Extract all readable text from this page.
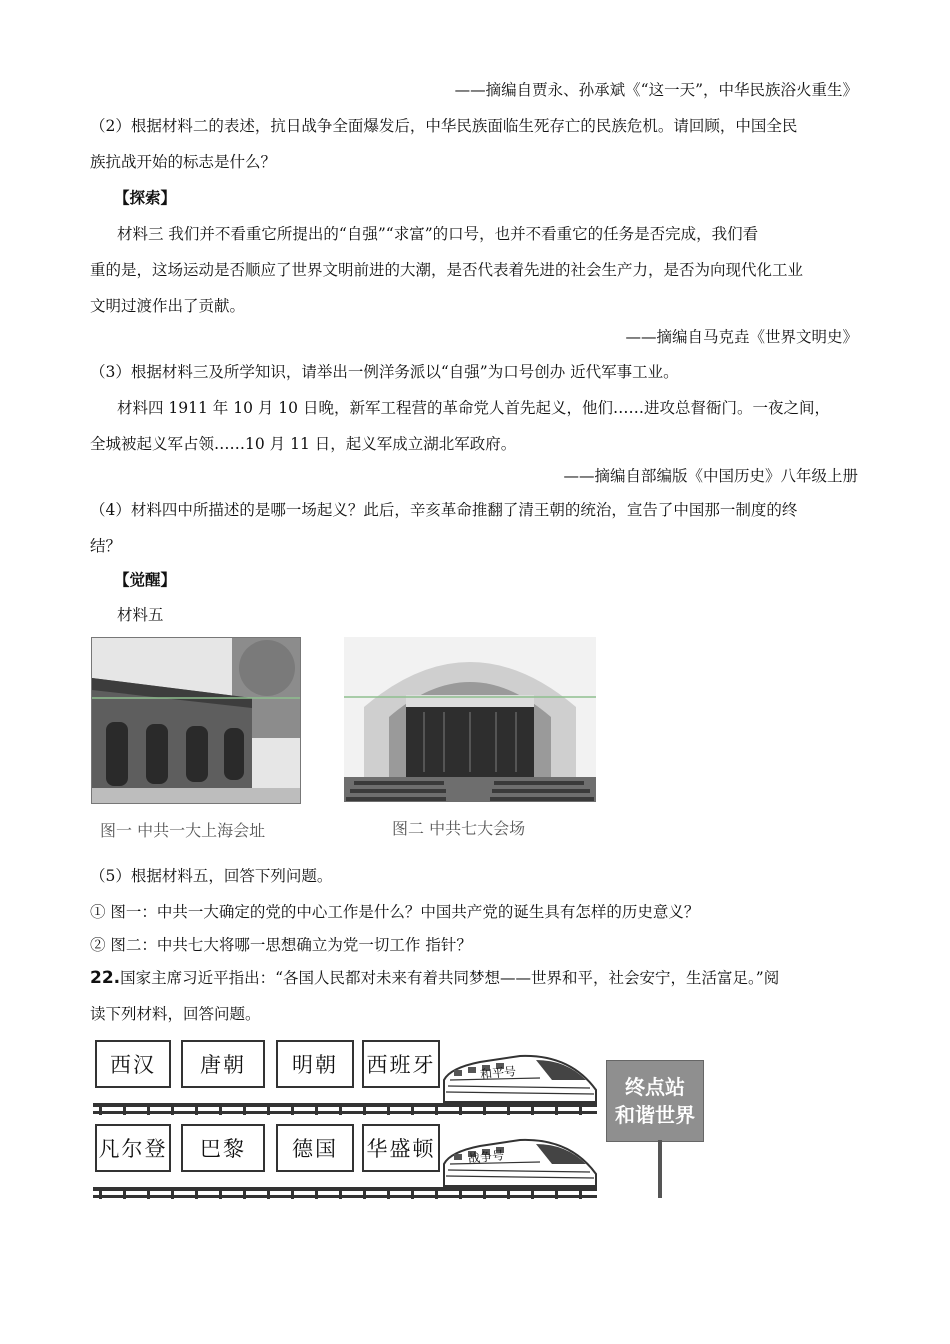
——摘编自贾永、孙承斌《“这一天”，中华民族浴火重生》
（2）根据材料二的表述，抗日战争全面爆发后，中华民族面临生死存亡的民族危机。请回顾，中国全民
族抗战开始的标志是什么？
【探索】
材料三 我们并不看重它所提出的“自强”“求富”的口号，也并不看重它的任务是否完成，我们看
重的是，这场运动是否顺应了世界文明前进的大潮，是否代表着先进的社会生产力，是否为向现代化工业
文明过渡作出了贡献。
——摘编自马克垚《世界文明史》
（3）根据材料三及所学知识，请举出一例洋务派以“自强”为口号创办 近代军事工业。
材料四 1911 年 10 月 10 日晚，新军工程营的革命党人首先起义，他们……进攻总督衙门。一夜之间，
全城被起义军占领……10 月 11 日，起义军成立湖北军政府。
——摘编自部编版《中国历史》八年级上册
（4）材料四中所描述的是哪一场起义？此后，辛亥革命推翻了清王朝的统治，宣告了中国那一制度的终
结？
【觉醒】
材料五
图一 中共一大上海会址	图二 中共七大会场
（5）根据材料五，回答下列问题。
① 图一：中共一大确定的党的中心工作是什么？中国共产党的诞生具有怎样的历史意义？
② 图二：中共七大将哪一思想确立为党一切工作 指针？
22.国家主席习近平指出：“各国人民都对未来有着共同梦想——世界和平，社会安宁，生活富足。”阅
读下列材料，回答问题。
西汉	唐朝	明朝	西班牙	和平号
凡尔登	巴黎	德国	华盛顿	战争号
终点站
和谐世界
